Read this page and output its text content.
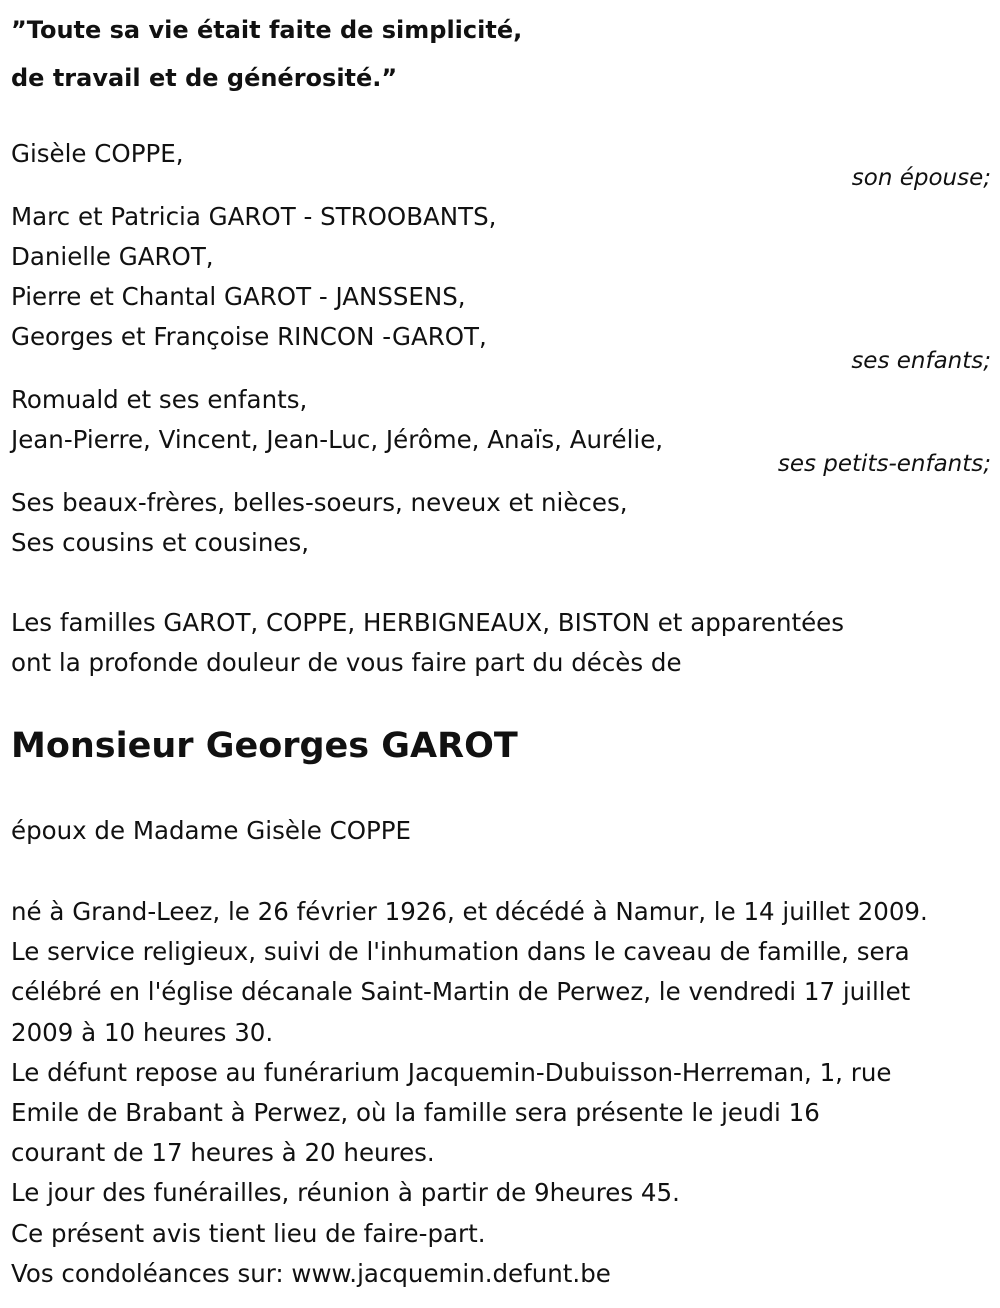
”Toute sa vie était faite de simplicité,
de travail et de générosité.”
Gisèle COPPE,
son épouse;
Marc et Patricia GAROT - STROOBANTS,
Danielle GAROT,
Pierre et Chantal GAROT - JANSSENS,
Georges et Françoise RINCON -GAROT,
ses enfants;
Romuald et ses enfants,
Jean-Pierre, Vincent, Jean-Luc, Jérôme, Anaïs, Aurélie,
ses petits-enfants;
Ses beaux-frères, belles-soeurs, neveux et nièces,
Ses cousins et cousines,
Les familles GAROT, COPPE, HERBIGNEAUX, BISTON et apparentées
ont la profonde douleur de vous faire part du décès de
Monsieur Georges GAROT
époux de Madame Gisèle COPPE
né à Grand-Leez, le 26 février 1926, et décédé à Namur, le 14 juillet 2009.
Le service religieux, suivi de l'inhumation dans le caveau de famille, sera
célébré en l'église décanale Saint-Martin de Perwez, le vendredi 17 juillet
2009 à 10 heures 30.
Le défunt repose au funérarium Jacquemin-Dubuisson-Herreman, 1, rue
Emile de Brabant à Perwez, où la famille sera présente le jeudi 16
courant de 17 heures à 20 heures.
Le jour des funérailles, réunion à partir de 9heures 45.
Ce présent avis tient lieu de faire-part.
Vos condoléances sur: www.jacquemin.defunt.be
